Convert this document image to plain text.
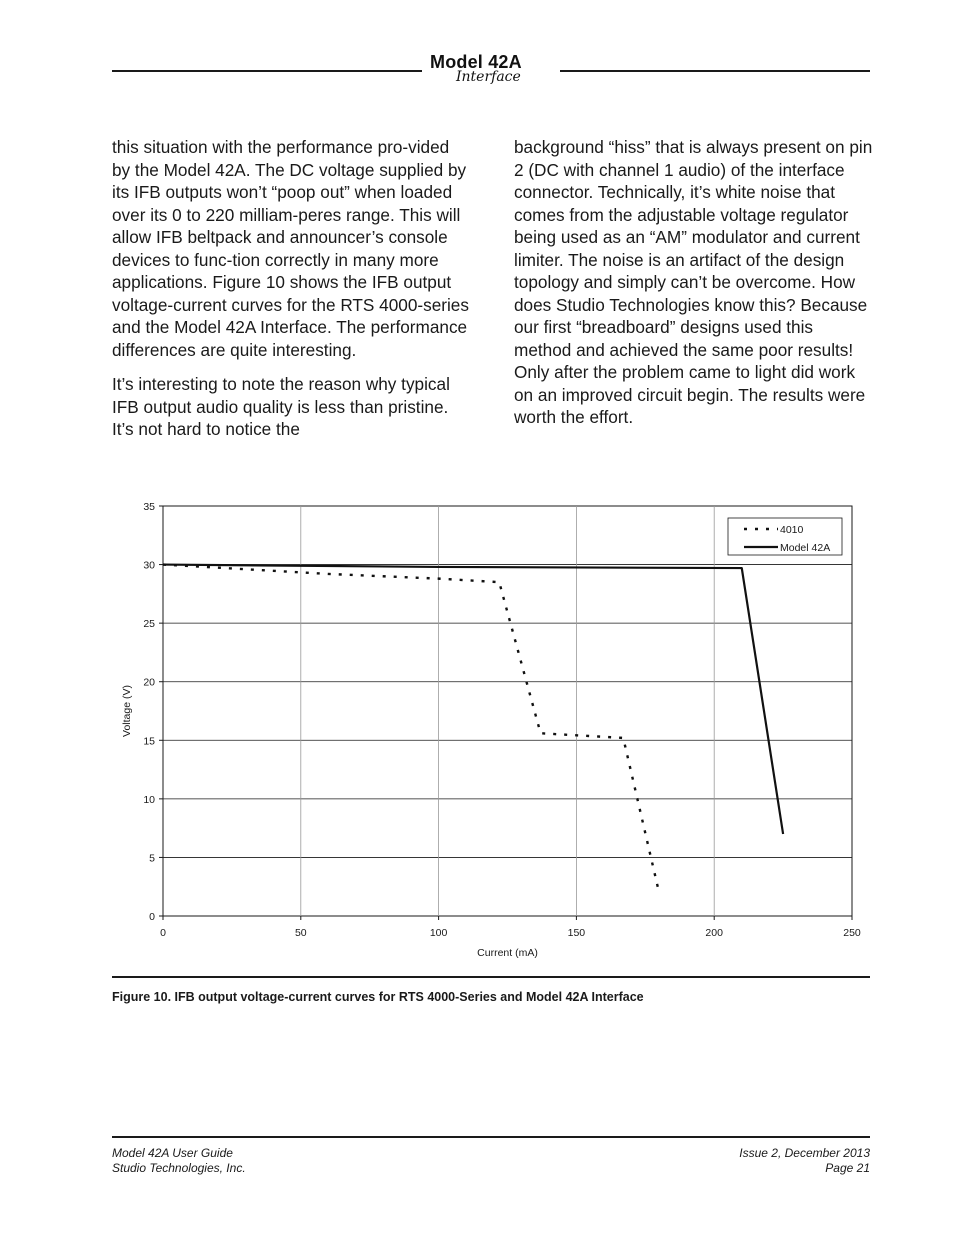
Model 42A
Interface

this situation with the performance pro-vided by the Model 42A. The DC voltage supplied by its IFB outputs won’t “poop out” when loaded over its 0 to 220 milliam-peres range. This will allow IFB beltpack and announcer’s console devices to func-tion correctly in many more applications. Figure 10 shows the IFB output voltage-current curves for the RTS 4000-series and the Model 42A Interface. The performance differences are quite interesting.

It’s interesting to note the reason why typical IFB output audio quality is less than pristine. It’s not hard to notice the

background “hiss” that is always present on pin 2 (DC with channel 1 audio) of the interface connector. Technically, it’s white noise that comes from the adjustable voltage regulator being used as an “AM” modulator and current limiter. The noise is an artifact of the design topology and simply can’t be overcome. How does Studio Technologies know this? Because our first “breadboard” designs used this method and achieved the same poor results! Only after the problem came to light did work on an improved circuit begin. The results were worth the effort.

0
5
10
15
20
25
30
35
0	50	100	150	200	250
Current (mA)
Voltage (V)
4010
Model 42A
Figure 10. IFB output voltage-current curves for RTS 4000-Series and Model 42A Interface
Model 42A User Guide
Studio Technologies, Inc.
Issue 2, December 2013
Page 21
